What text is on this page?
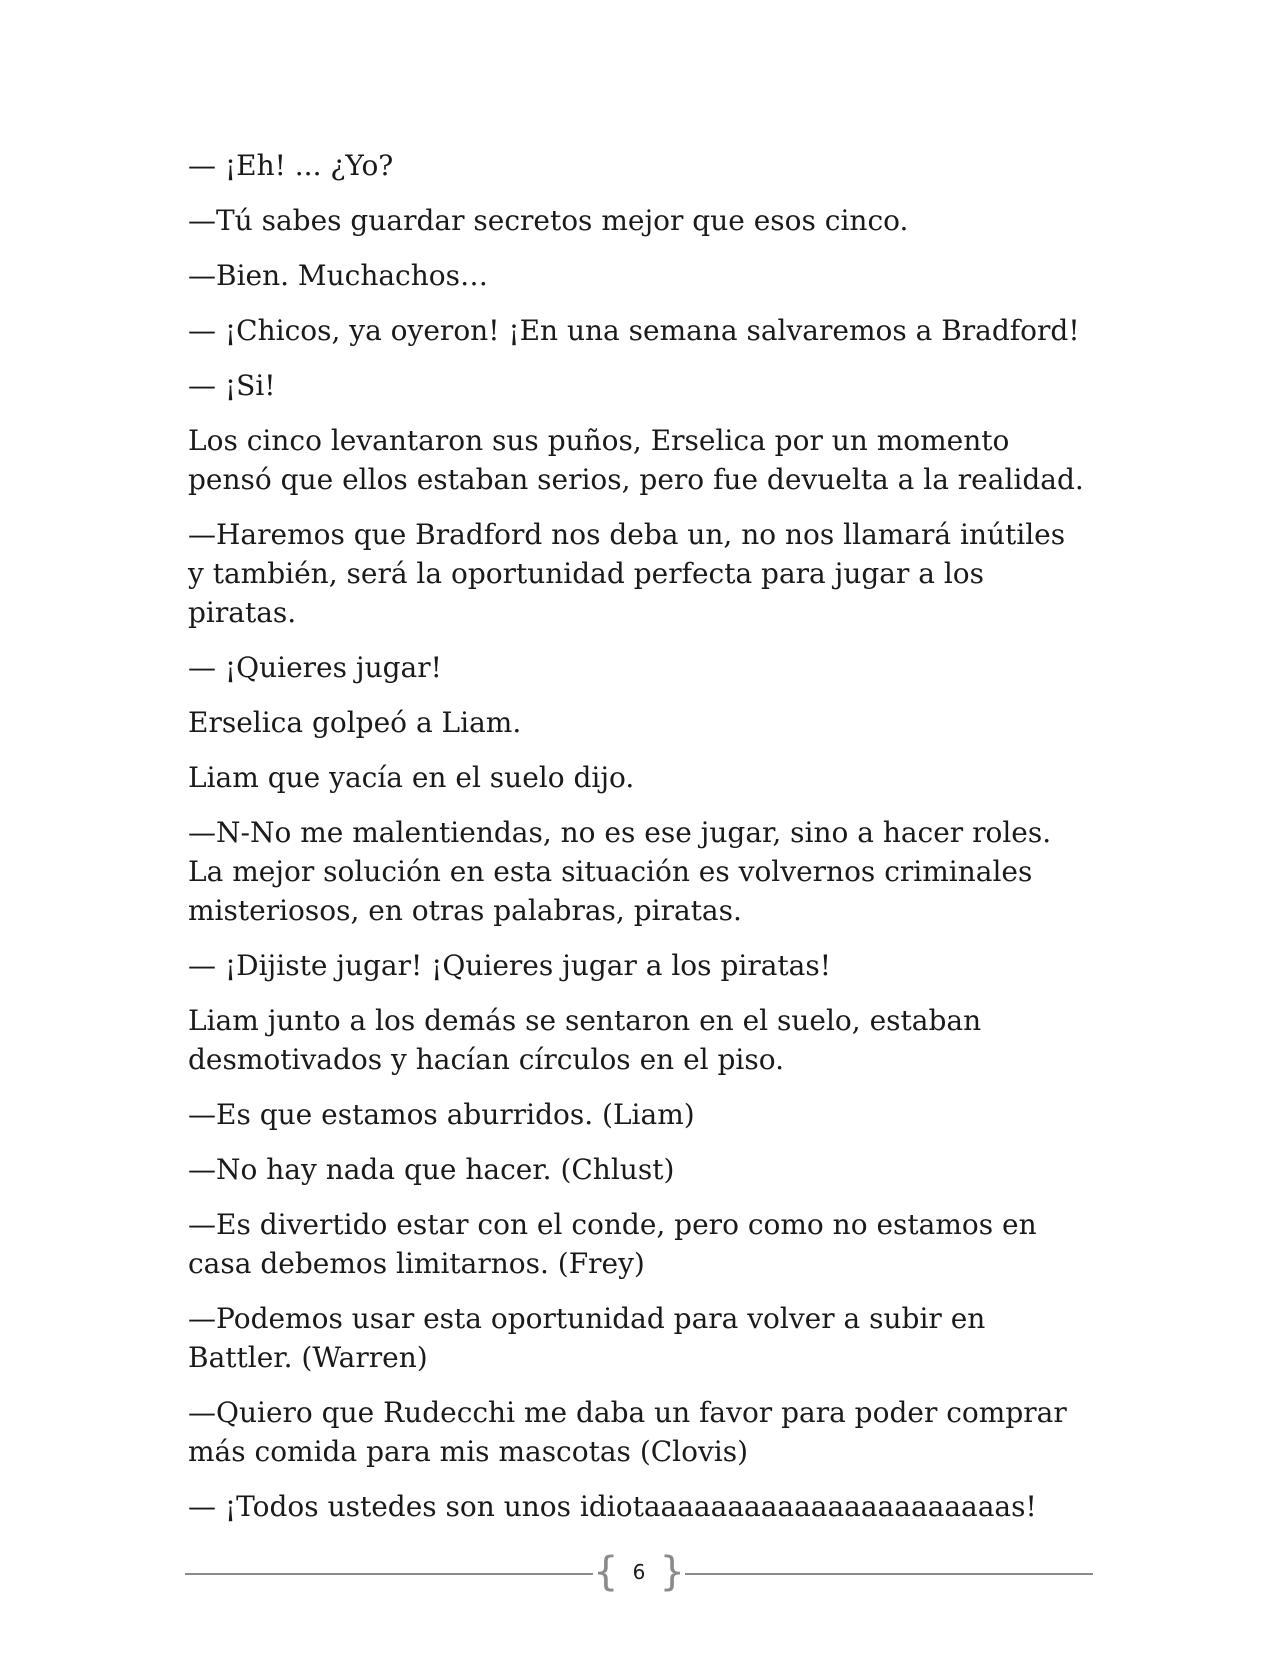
— ¡Eh! ... ¿Yo?

—Tú sabes guardar secretos mejor que esos cinco.

—Bien. Muchachos…

— ¡Chicos, ya oyeron! ¡En una semana salvaremos a Bradford!

— ¡Si!

Los cinco levantaron sus puños, Erselica por un momento pensó que ellos estaban serios, pero fue devuelta a la realidad.

—Haremos que Bradford nos deba un, no nos llamará inútiles y también, será la oportunidad perfecta para jugar a los piratas.

— ¡Quieres jugar!

Erselica golpeó a Liam.

Liam que yacía en el suelo dijo.

—N-No me malentiendas, no es ese jugar, sino a hacer roles. La mejor solución en esta situación es volvernos criminales misteriosos, en otras palabras, piratas.

— ¡Dijiste jugar! ¡Quieres jugar a los piratas!

Liam junto a los demás se sentaron en el suelo, estaban desmotivados y hacían círculos en el piso.

—Es que estamos aburridos. (Liam)

—No hay nada que hacer. (Chlust)

—Es divertido estar con el conde, pero como no estamos en casa debemos limitarnos. (Frey)

—Podemos usar esta oportunidad para volver a subir en Battler. (Warren)

—Quiero que Rudecchi me daba un favor para poder comprar más comida para mis mascotas (Clovis)

— ¡Todos ustedes son unos idiotaaaaaaaaaaaaaaaaaaaaaas!

{ 6 }
